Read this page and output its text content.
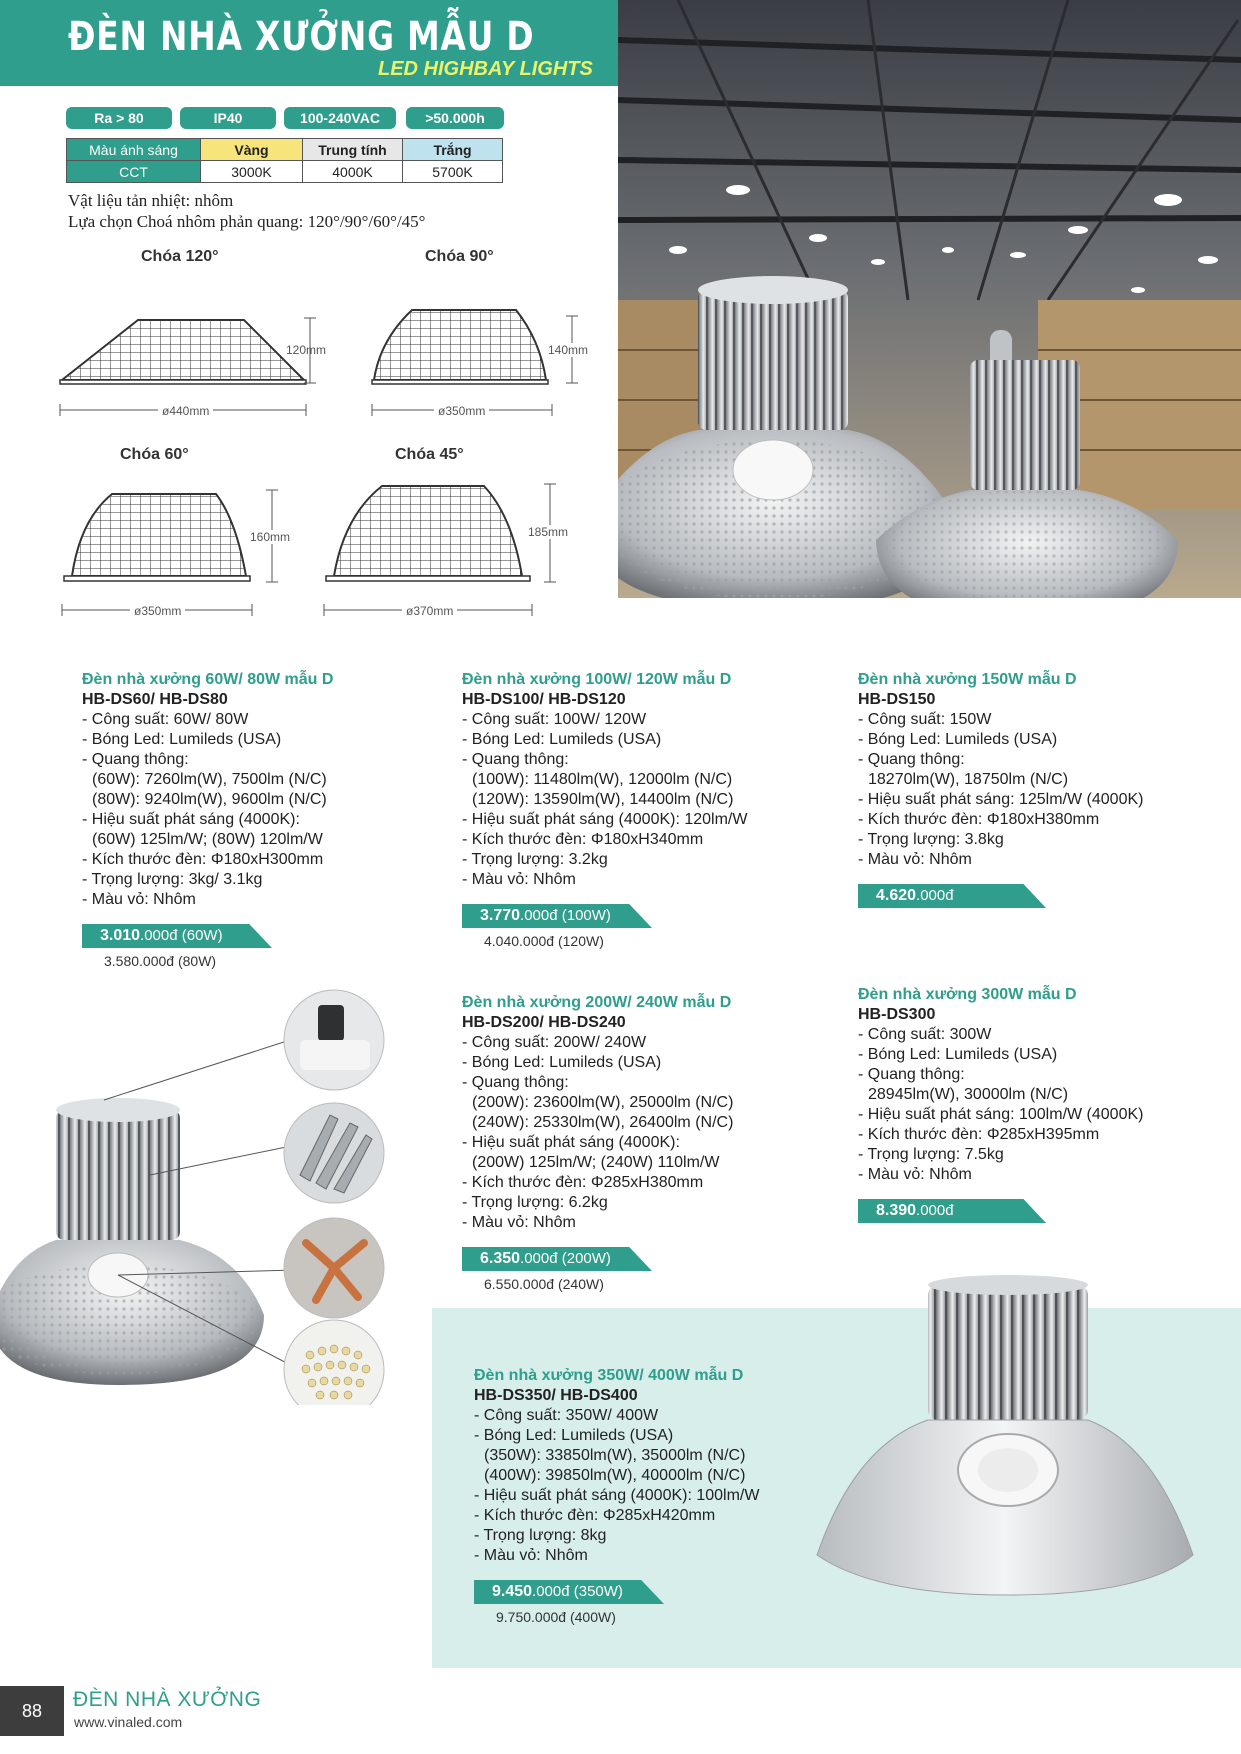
ĐÈN NHÀ XƯỞNG MẪU D
LED HIGHBAY LIGHTS
Ra > 80	IP40	100-240VAC	>50.000h
Màu ánh sáng	Vàng	Trung tính	Trắng
CCT	3000K	4000K	5700K
Vật liệu tản nhiệt: nhôm
Lựa chọn Choá nhôm phản quang: 120°/90°/60°/45°
Chóa 120°	Chóa 90°
Chóa 60°	Chóa 45°
120mm
ø440mm
140mm
ø350mm
160mm
ø350mm
185mm
ø370mm
Đèn nhà xưởng 60W/ 80W mẫu D
HB-DS60/ HB-DS80
- Công suất: 60W/ 80W
- Bóng Led: Lumileds (USA)
- Quang thông:
(60W): 7260lm(W), 7500lm (N/C)
(80W): 9240lm(W), 9600lm (N/C)
- Hiệu suất phát sáng (4000K):
(60W) 125lm/W; (80W) 120lm/W
- Kích thước đèn: Φ180xH300mm
- Trọng lượng: 3kg/ 3.1kg
- Màu vỏ: Nhôm
3.010.000đ (60W)
3.580.000đ (80W)
Đèn nhà xưởng 100W/ 120W mẫu D
HB-DS100/ HB-DS120
- Công suất: 100W/ 120W
- Bóng Led: Lumileds (USA)
- Quang thông:
(100W): 11480lm(W), 12000lm (N/C)
(120W): 13590lm(W), 14400lm (N/C)
- Hiệu suất phát sáng (4000K): 120lm/W
- Kích thước đèn: Φ180xH340mm
- Trọng lượng: 3.2kg
- Màu vỏ: Nhôm
3.770.000đ (100W)
4.040.000đ (120W)
Đèn nhà xưởng 150W mẫu D
HB-DS150
- Công suất: 150W
- Bóng Led: Lumileds (USA)
- Quang thông:
18270lm(W), 18750lm (N/C)
- Hiệu suất phát sáng: 125lm/W (4000K)
- Kích thước đèn: Φ180xH380mm
- Trọng lượng: 3.8kg
- Màu vỏ: Nhôm
4.620.000đ
Đèn nhà xưởng 200W/ 240W mẫu D
HB-DS200/ HB-DS240
- Công suất: 200W/ 240W
- Bóng Led: Lumileds (USA)
- Quang thông:
(200W): 23600lm(W), 25000lm (N/C)
(240W): 25330lm(W), 26400lm (N/C)
- Hiệu suất phát sáng (4000K):
(200W) 125lm/W; (240W) 110lm/W
- Kích thước đèn: Φ285xH380mm
- Trọng lượng: 6.2kg
- Màu vỏ: Nhôm
6.350.000đ (200W)
6.550.000đ (240W)
Đèn nhà xưởng 300W mẫu D
HB-DS300
- Công suất: 300W
- Bóng Led: Lumileds (USA)
- Quang thông:
28945lm(W), 30000lm (N/C)
- Hiệu suất phát sáng: 100lm/W (4000K)
- Kích thước đèn: Φ285xH395mm
- Trọng lượng: 7.5kg
- Màu vỏ: Nhôm
8.390.000đ
Đèn nhà xưởng 350W/ 400W mẫu D
HB-DS350/ HB-DS400
- Công suất: 350W/ 400W
- Bóng Led: Lumileds (USA)
(350W): 33850lm(W), 35000lm (N/C)
(400W): 39850lm(W), 40000lm (N/C)
- Hiệu suất phát sáng (4000K): 100lm/W
- Kích thước đèn: Φ285xH420mm
- Trọng lượng: 8kg
- Màu vỏ: Nhôm
9.450.000đ (350W)
9.750.000đ (400W)
88	ĐÈN NHÀ XƯỞNG
www.vinaled.com
